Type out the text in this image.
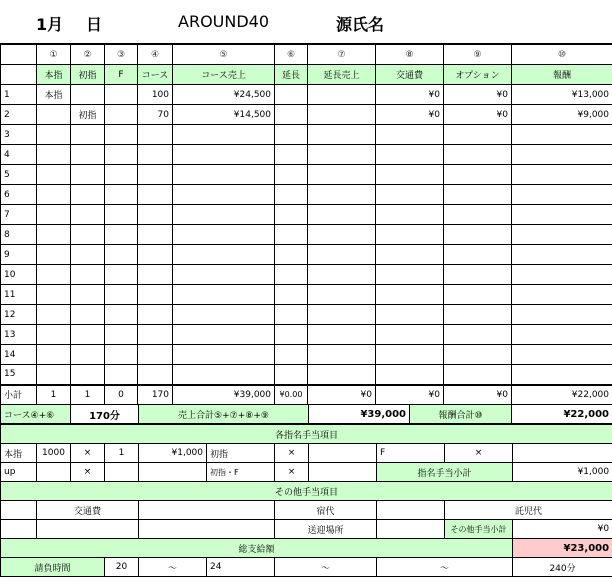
1月 日	AROUND40	源氏名
	①	②	③	④	⑤	⑥	⑦	⑧	⑨	⑩
	本指	初指	F	コース	コース売上	延長	延長売上	交通費	オプション	報酬
1	本指			100	¥24,500			¥0	¥0	¥13,000
2		初指		70	¥14,500			¥0	¥0	¥9,000
3										
4										
5										
6										
7										
8										
9										
10										
11										
12										
13										
14										
15										
小計	1	1	0	170	¥39,000	¥0.00	¥0	¥0	¥0	¥22,000
コース④+⑥	170分	売上合計⑤+⑦+⑧+⑨	¥39,000	報酬合計⑩	¥22,000
各指名手当項目										
本指	1000	×	1	¥1,000	初指	×		F	×	
up		×			初指・F	×		指名手当小計		¥1,000
その他手当項目										
	交通費					宿代			託児代	
						送迎場所			その他手当小計	¥0
総支給額										¥23,000
請負時間			20	〜	24	〜		〜		240分
